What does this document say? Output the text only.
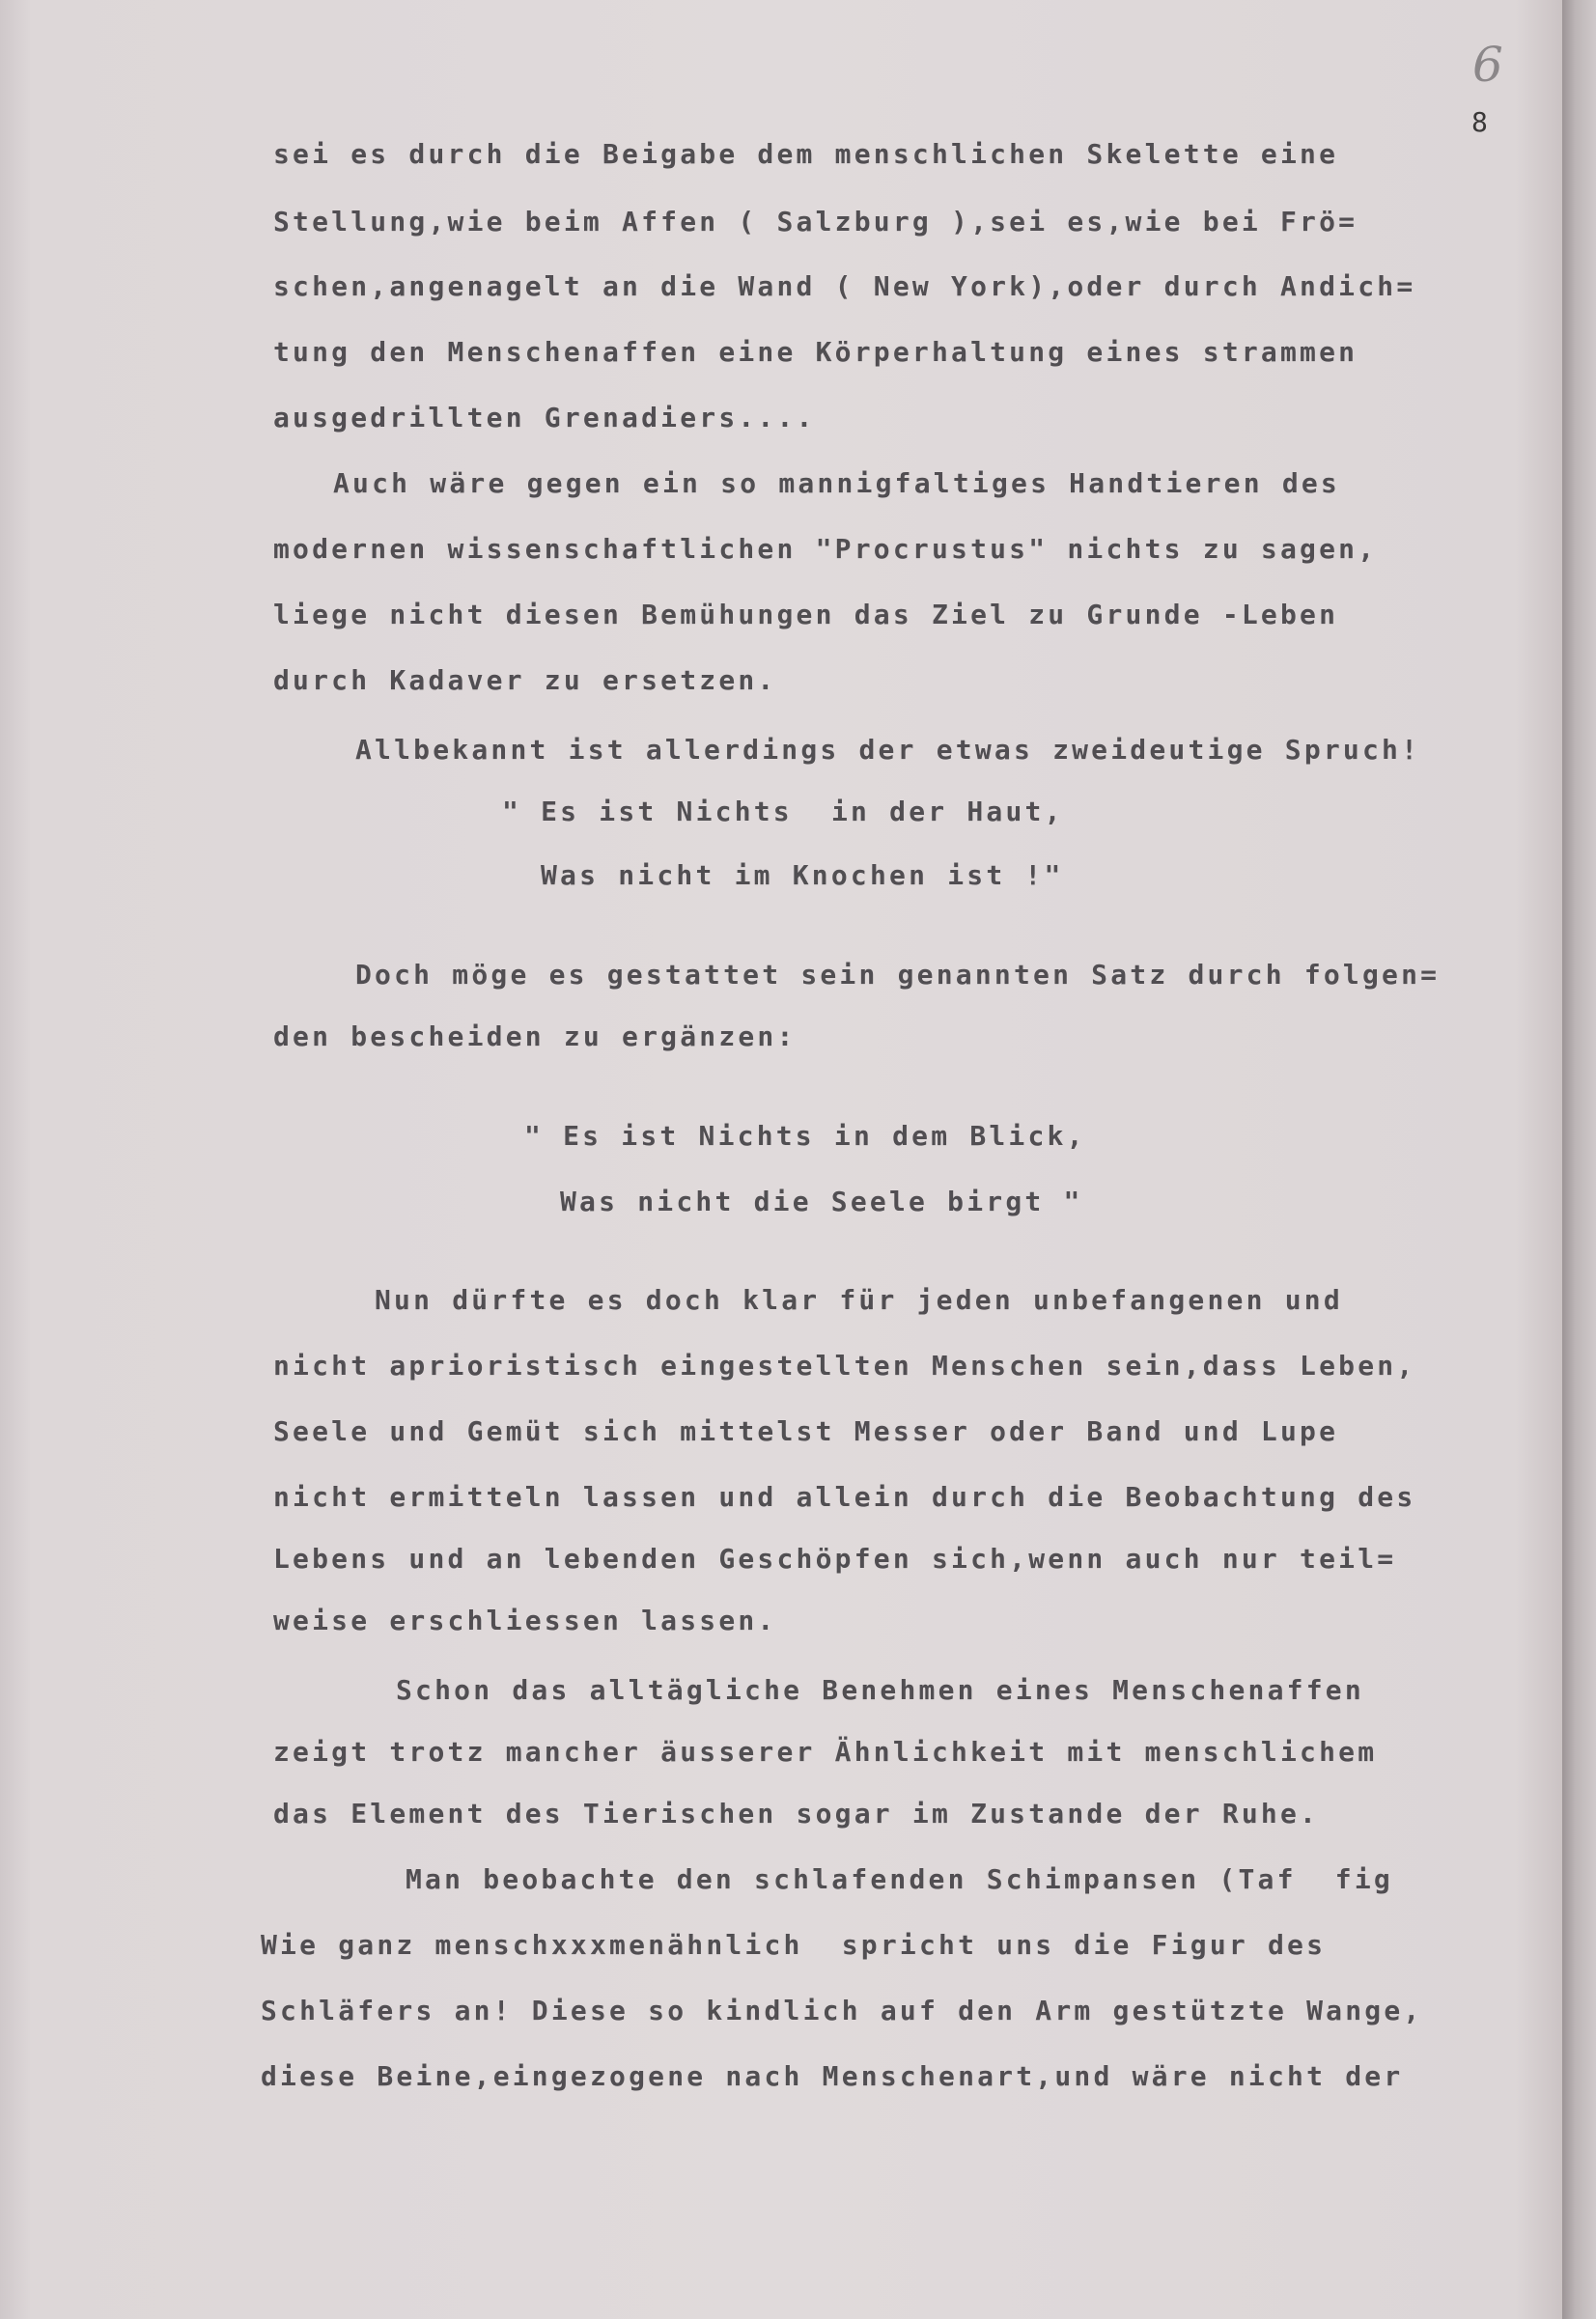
6
8
sei es durch die Beigabe dem menschlichen Skelette eine
Stellung,wie beim Affen ( Salzburg ),sei es,wie bei Frö=
schen,angenagelt an die Wand ( New York),oder durch Andich=
tung den Menschenaffen eine Körperhaltung eines strammen
ausgedrillten Grenadiers....
Auch wäre gegen ein so mannigfaltiges Handtieren des
modernen wissenschaftlichen "Procrustus" nichts zu sagen,
liege nicht diesen Bemühungen das Ziel zu Grunde -Leben
durch Kadaver zu ersetzen.
Allbekannt ist allerdings der etwas zweideutige Spruch!
" Es ist Nichts  in der Haut,
Was nicht im Knochen ist !"
Doch möge es gestattet sein genannten Satz durch folgen=
den bescheiden zu ergänzen:
" Es ist Nichts in dem Blick,
Was nicht die Seele birgt "
Nun dürfte es doch klar für jeden unbefangenen und
nicht aprioristisch eingestellten Menschen sein,dass Leben,
Seele und Gemüt sich mittelst Messer oder Band und Lupe
nicht ermitteln lassen und allein durch die Beobachtung des
Lebens und an lebenden Geschöpfen sich,wenn auch nur teil=
weise erschliessen lassen.
Schon das alltägliche Benehmen eines Menschenaffen
zeigt trotz mancher äusserer Ähnlichkeit mit menschlichem
das Element des Tierischen sogar im Zustande der Ruhe.
Man beobachte den schlafenden Schimpansen (Taf  fig
Wie ganz menschxxxmenähnlich  spricht uns die Figur des
Schläfers an! Diese so kindlich auf den Arm gestützte Wange,
diese Beine,eingezogene nach Menschenart,und wäre nicht der
